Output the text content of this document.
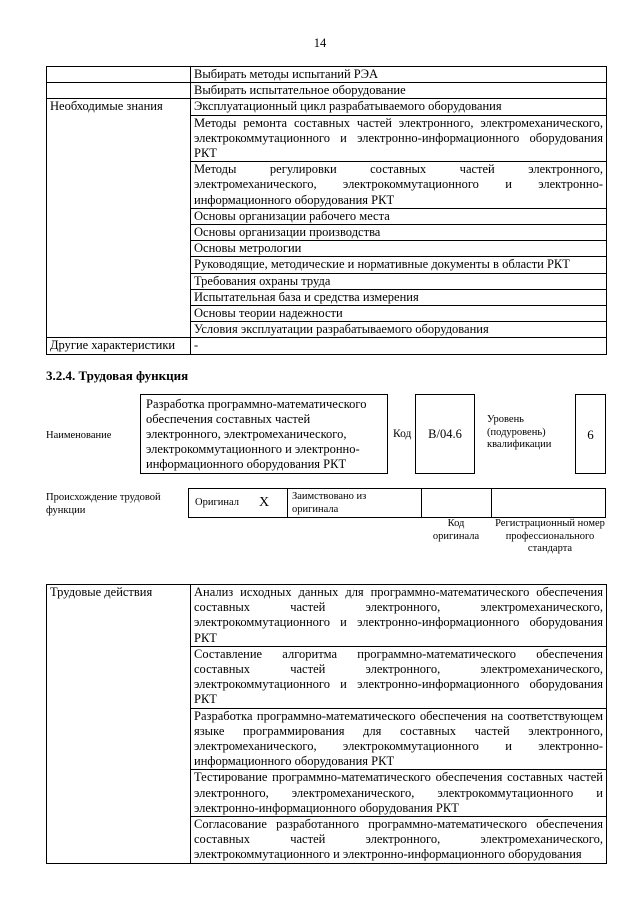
14
	Выбирать методы испытаний РЭА
	Выбирать испытательное оборудование
Необходимые знания	Эксплуатационный цикл разрабатываемого оборудования
	Методы ремонта составных частей электронного, электромеханического, электрокоммутационного и электронно-информационного оборудования РКТ
	Методы регулировки составных частей электронного, электромеханического, электрокоммутационного и электронно-информационного оборудования РКТ
	Основы организации рабочего места
	Основы организации производства
	Основы метрологии
	Руководящие, методические и нормативные документы в области РКТ
	Требования охраны труда
	Испытательная база и средства измерения
	Основы теории надежности
	Условия эксплуатации разрабатываемого оборудования
Другие характеристики	-
3.2.4. Трудовая функция
Наименование
Разработка программно-математического обеспечения составных частей электронного, электромеханического, электрокоммутационного и электронно-информационного оборудования РКТ
Код	B/04.6
Уровень (подуровень) квалификации
6
Происхождение трудовой функции
Оригинал X Заимствовано из оригинала
Код оригинала
Регистрационный номер профессионального стандарта
Трудовые действия	Анализ исходных данных для программно-математического обеспечения составных частей электронного, электромеханического, электрокоммутационного и электронно-информационного оборудования РКТ
Составление алгоритма программно-математического обеспечения составных частей электронного, электромеханического, электрокоммутационного и электронно-информационного оборудования РКТ
Разработка программно-математического обеспечения на соответствующем языке программирования для составных частей электронного, электромеханического, электрокоммутационного и электронно-информационного оборудования РКТ
Тестирование программно-математического обеспечения составных частей электронного, электромеханического, электрокоммутационного и электронно-информационного оборудования РКТ
Согласование разработанного программно-математического обеспечения составных частей электронного, электромеханического, электрокоммутационного и электронно-информационного оборудования
